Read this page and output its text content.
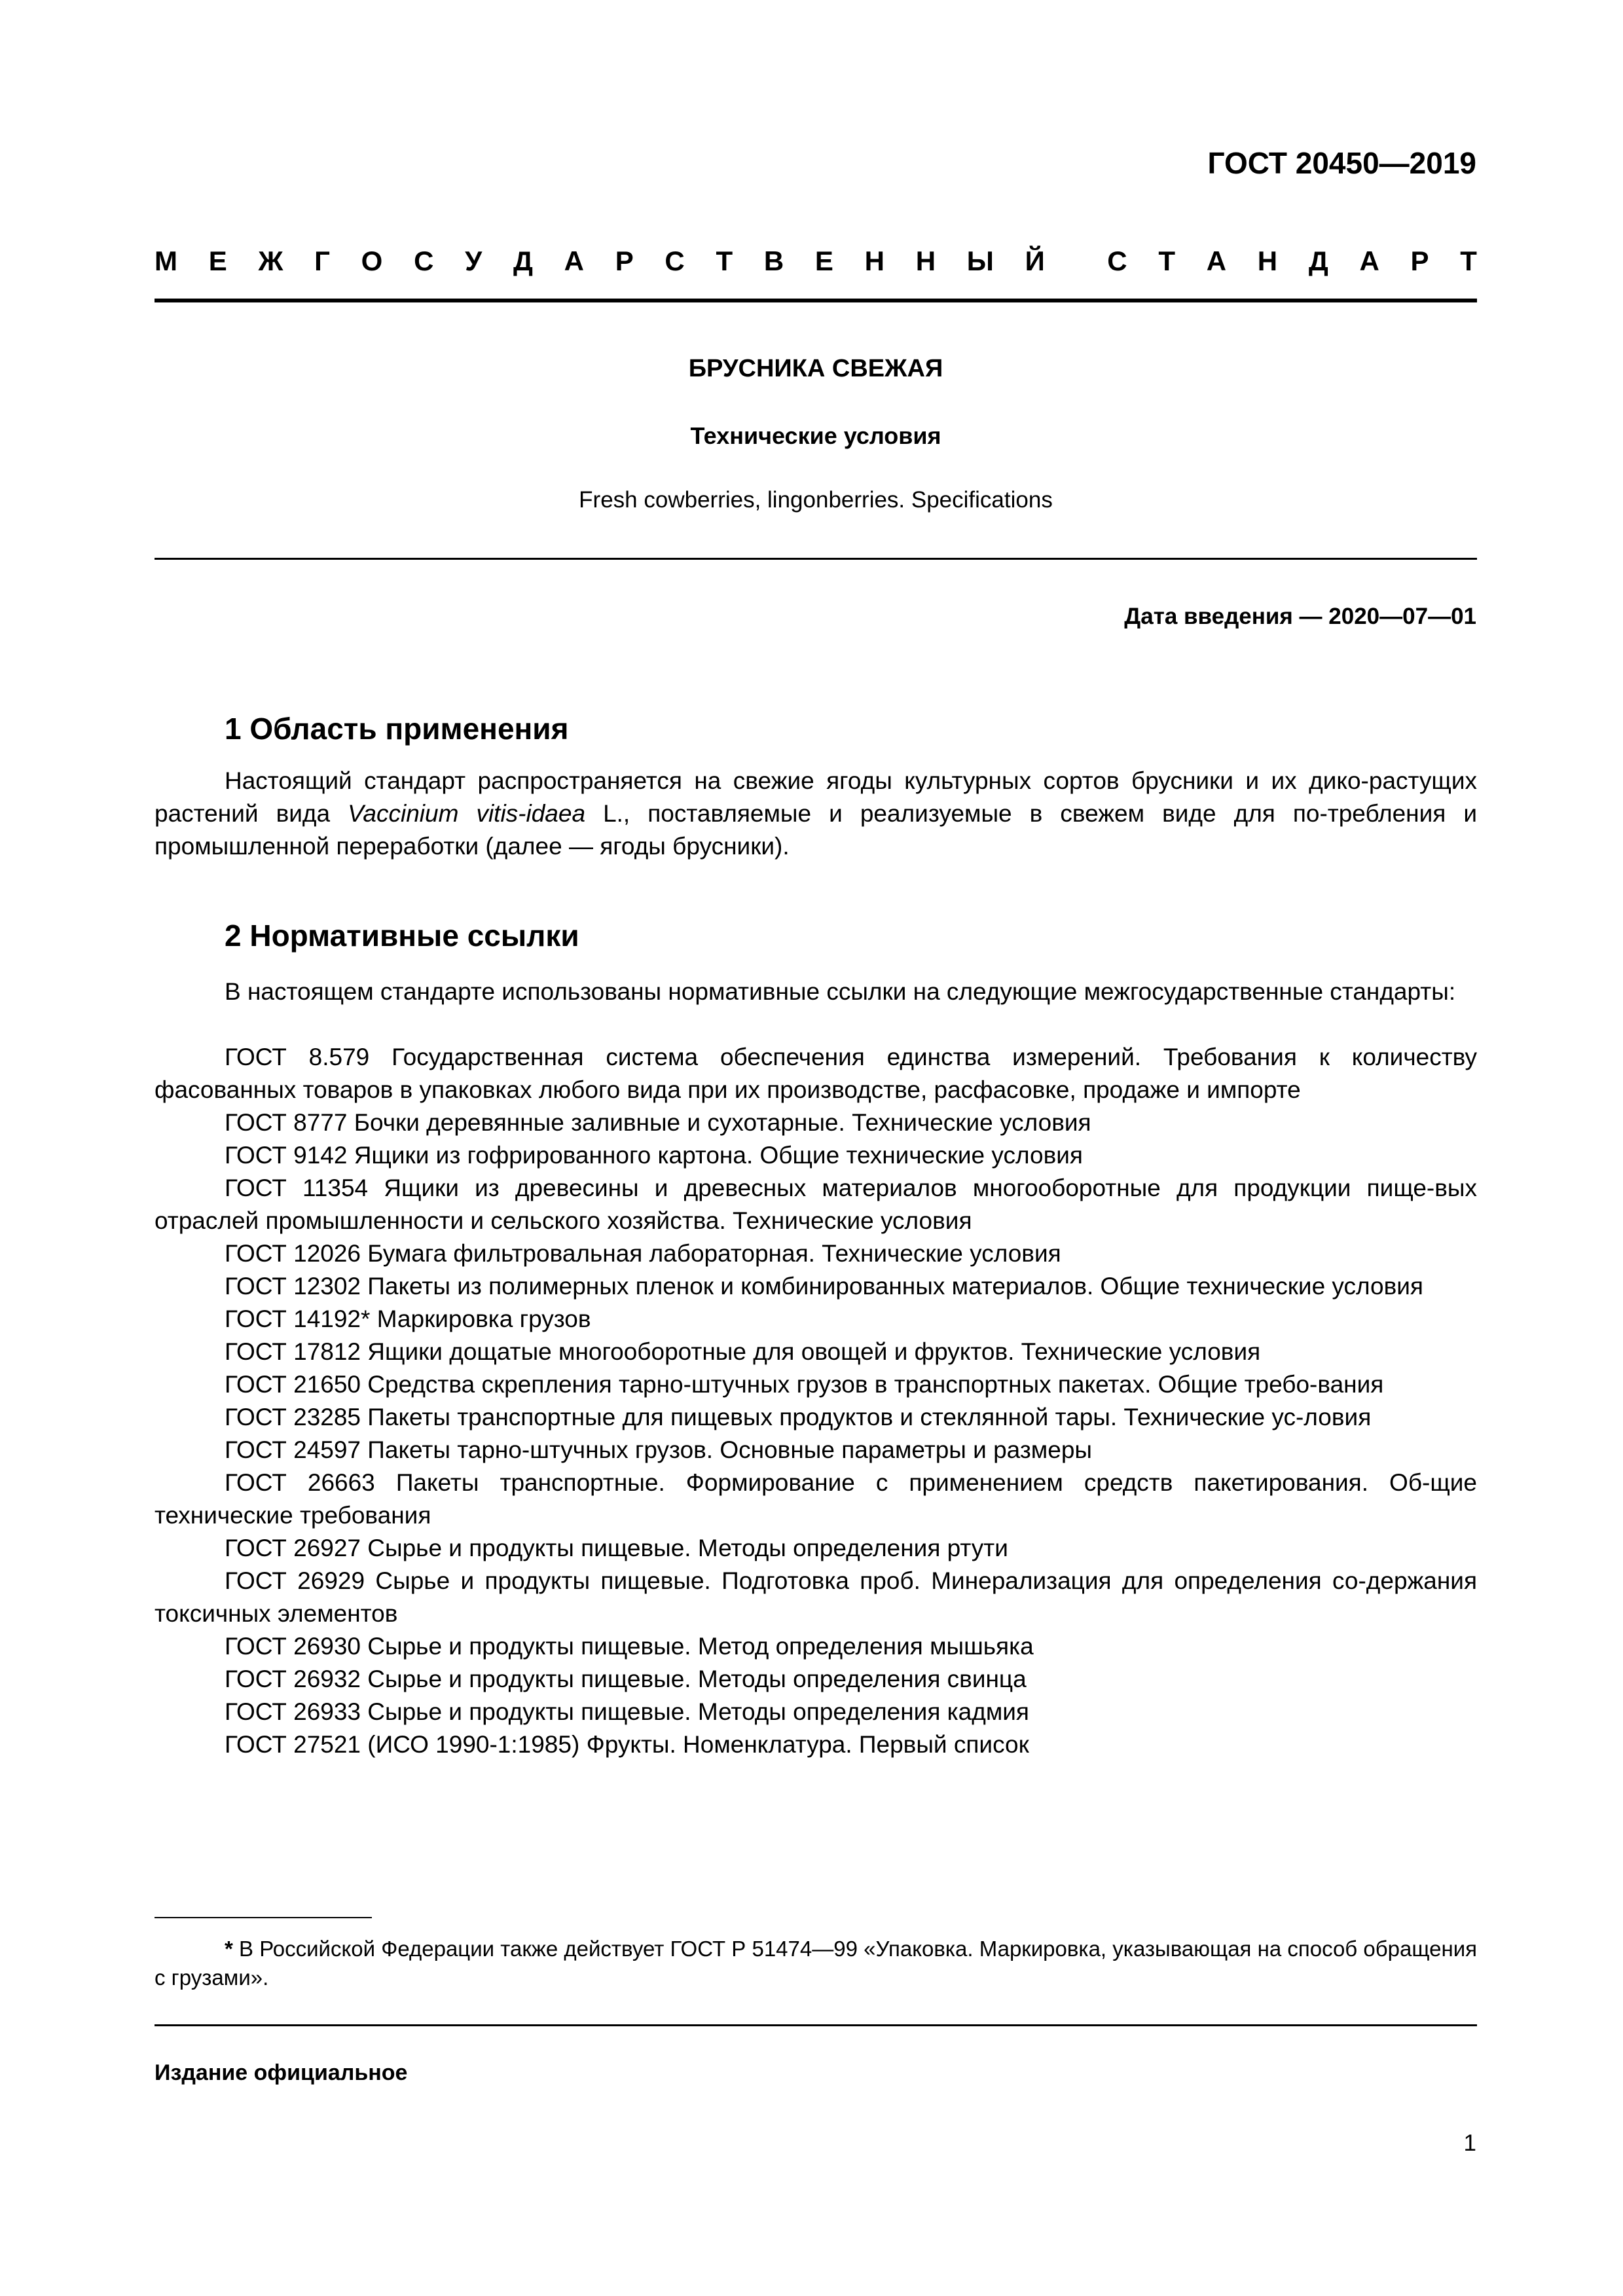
ГОСТ 20450—2019
М Е Ж Г О С У Д А Р С Т В Е Н Н Ы Й С Т А Н Д А Р Т
БРУСНИКА СВЕЖАЯ
Технические условия
Fresh cowberries, lingonberries. Specifications
Дата введения — 2020—07—01
1 Область применения
Настоящий стандарт распространяется на свежие ягоды культурных сортов брусники и их дико-растущих растений вида Vaccinium vitis-idaea L., поставляемые и реализуемые в свежем виде для по-требления и промышленной переработки (далее — ягоды брусники).
2 Нормативные ссылки
В настоящем стандарте использованы нормативные ссылки на следующие межгосударственные стандарты:

ГОСТ 8.579 Государственная система обеспечения единства измерений. Требования к количеству фасованных товаров в упаковках любого вида при их производстве, расфасовке, продаже и импорте

ГОСТ 8777 Бочки деревянные заливные и сухотарные. Технические условия

ГОСТ 9142 Ящики из гофрированного картона. Общие технические условия

ГОСТ 11354 Ящики из древесины и древесных материалов многооборотные для продукции пище-вых отраслей промышленности и сельского хозяйства. Технические условия

ГОСТ 12026 Бумага фильтровальная лабораторная. Технические условия

ГОСТ 12302 Пакеты из полимерных пленок и комбинированных материалов. Общие технические условия

ГОСТ 14192* Маркировка грузов

ГОСТ 17812 Ящики дощатые многооборотные для овощей и фруктов. Технические условия

ГОСТ 21650 Средства скрепления тарно-штучных грузов в транспортных пакетах. Общие требо-вания

ГОСТ 23285 Пакеты транспортные для пищевых продуктов и стеклянной тары. Технические ус-ловия

ГОСТ 24597 Пакеты тарно-штучных грузов. Основные параметры и размеры

ГОСТ 26663 Пакеты транспортные. Формирование с применением средств пакетирования. Об-щие технические требования

ГОСТ 26927 Сырье и продукты пищевые. Методы определения ртути

ГОСТ 26929 Сырье и продукты пищевые. Подготовка проб. Минерализация для определения со-держания токсичных элементов

ГОСТ 26930 Сырье и продукты пищевые. Метод определения мышьяка

ГОСТ 26932 Сырье и продукты пищевые. Методы определения свинца

ГОСТ 26933 Сырье и продукты пищевые. Методы определения кадмия

ГОСТ 27521 (ИСО 1990-1:1985) Фрукты. Номенклатура. Первый список

* В Российской Федерации также действует ГОСТ Р 51474—99 «Упаковка. Маркировка, указывающая на способ обращения с грузами».
Издание официальное
1
